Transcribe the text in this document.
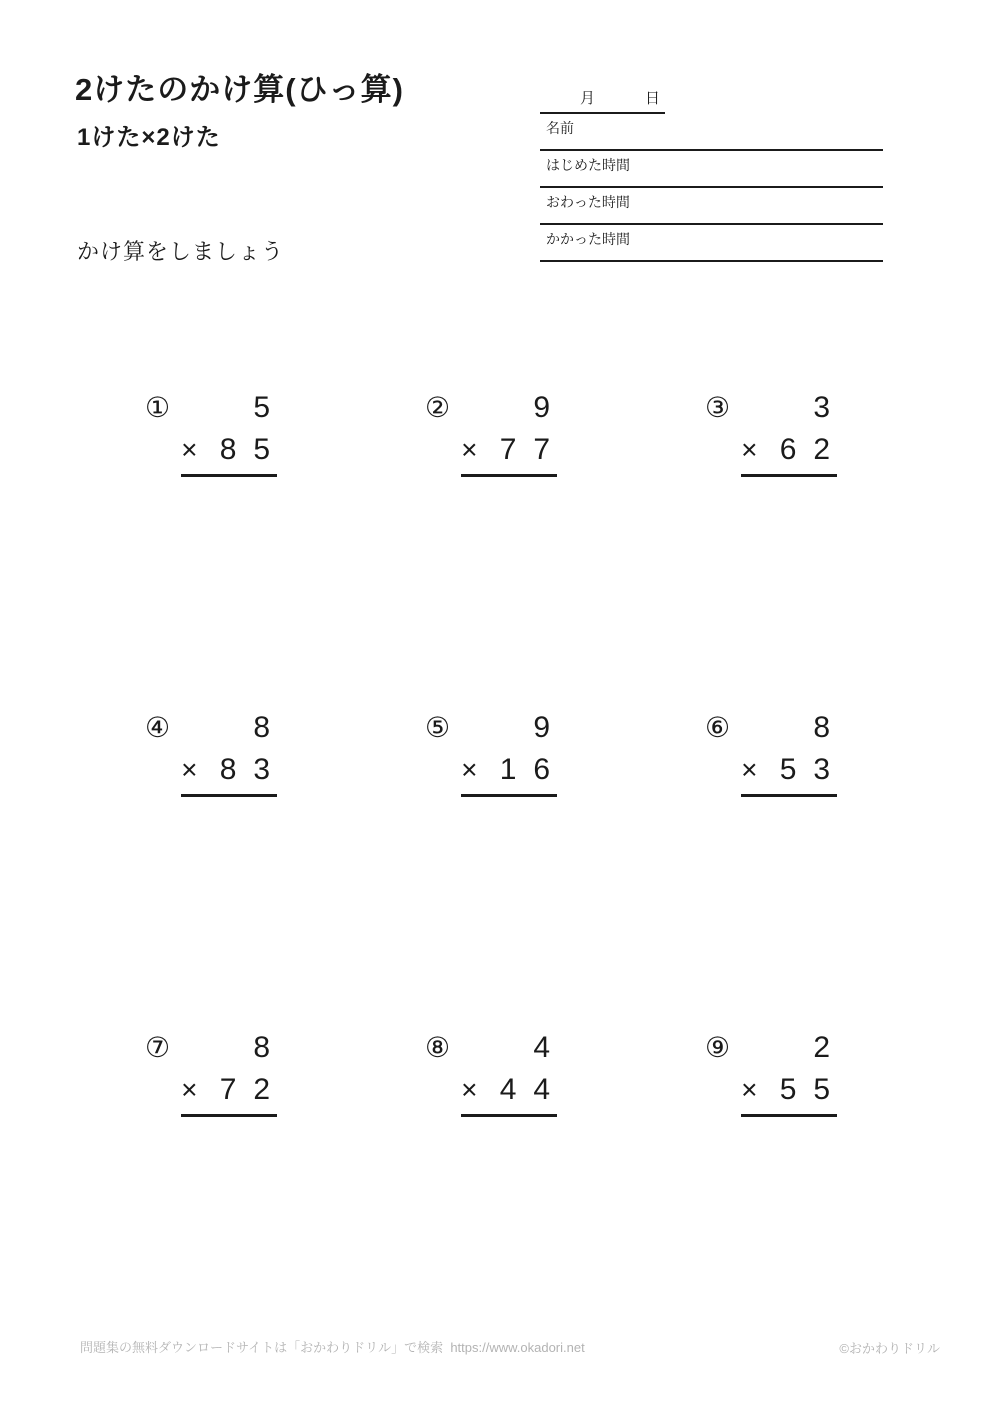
2けたのかけ算(ひっ算)
1けた×2けた
かけ算をしましょう
月	日
名前
はじめた時間
おわった時間
かかった時間
①	5
× 85
②	9
× 77
③	3
× 62
④	8
× 83
⑤	9
× 16
⑥	8
× 53
⑦	8
× 72
⑧	4
× 44
⑨	2
× 55
問題集の無料ダウンロードサイトは「おかわりドリル」で検索  https://www.okadori.net	©おかわりドリル
